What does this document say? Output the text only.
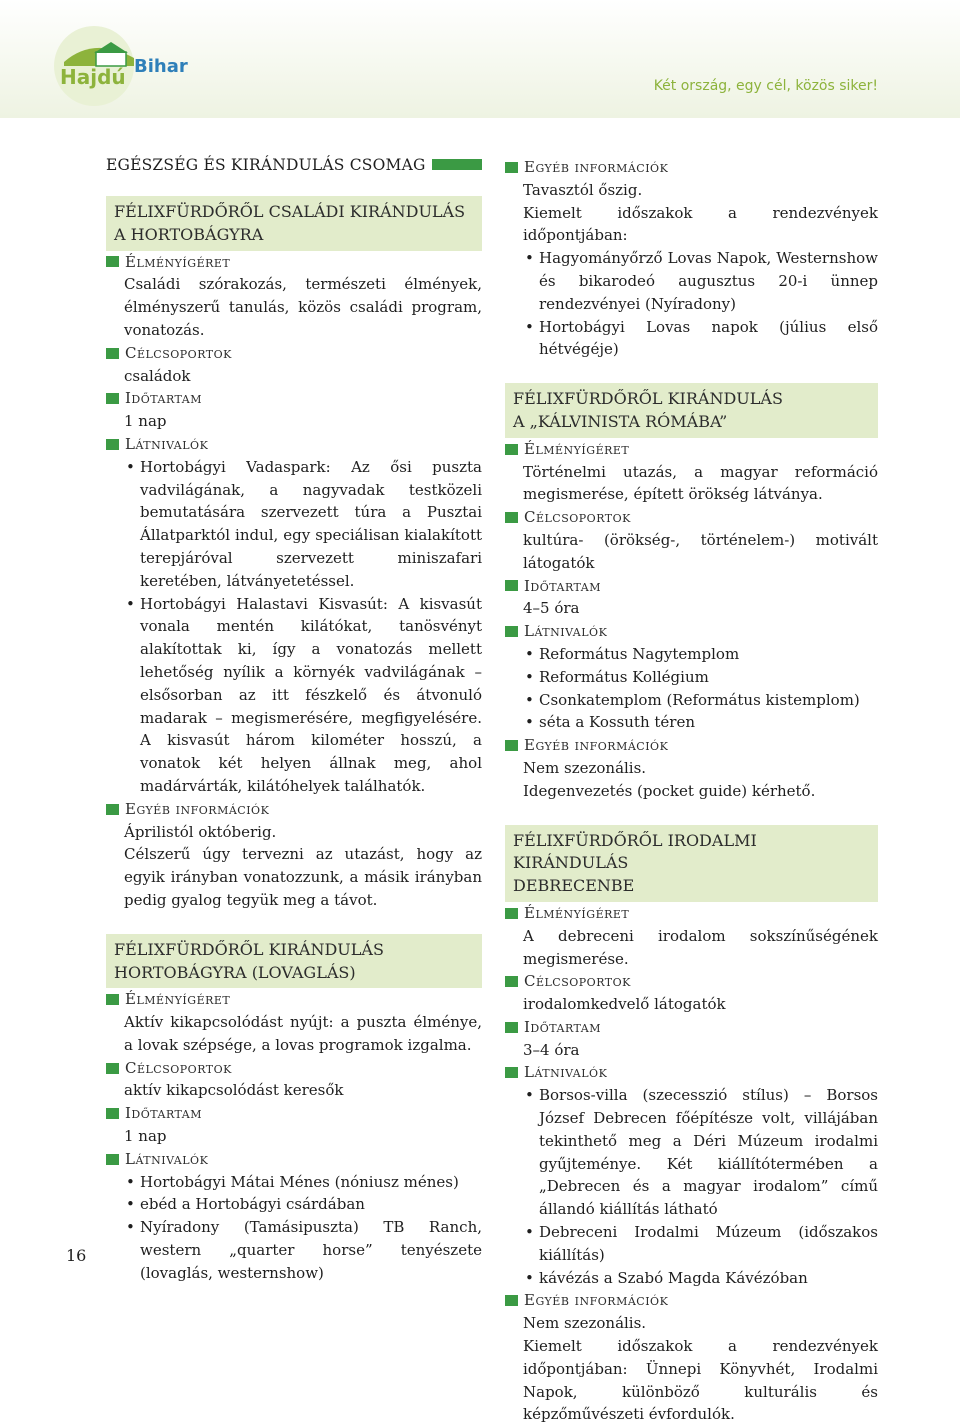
Hajdú Bihar
Két ország, egy cél, közös siker!
EGÉSZSÉG ÉS KIRÁNDULÁS CSOMAG
FÉLIXFÜRDŐRŐL CSALÁDI KIRÁNDULÁS
A HORTOBÁGYRA
Élményígéret
Családi szórakozás, természeti élmények, élményszerű tanulás, közös családi program, vonatozás.
Célcsoportok
családok
Időtartam
1 nap
Látnivalók
• Hortobágyi Vadaspark: Az ősi puszta vadvilágának, a nagyvadak testközeli bemutatására szervezett túra a Pusztai Állatparktól indul, egy speciálisan kialakított terepjáróval szervezett miniszafari keretében, látványetetéssel.
• Hortobágyi Halastavi Kisvasút: A kisvasút vonala mentén kilátókat, tanösvényt alakítottak ki, így a vonatozás mellett lehetőség nyílik a környék vadvilágának – elsősorban az itt fészkelő és átvonuló madarak – megismerésére, megfigyelésére. A kisvasút három kilométer hosszú, a vonatok két helyen állnak meg, ahol madárvárták, kilátóhelyek találhatók.
Egyéb információk
Áprilistól októberig.
Célszerű úgy tervezni az utazást, hogy az egyik irányban vonatozzunk, a másik irányban pedig gyalog tegyük meg a távot.
FÉLIXFÜRDŐRŐL KIRÁNDULÁS
HORTOBÁGYRA (LOVAGLÁS)
Élményígéret
Aktív kikapcsolódást nyújt: a puszta élménye, a lovak szépsége, a lovas programok izgalma.
Célcsoportok
aktív kikapcsolódást keresők
Időtartam
1 nap
Látnivalók
• Hortobágyi Mátai Ménes (nóniusz ménes)
• ebéd a Hortobágyi csárdában
• Nyíradony (Tamásipuszta) TB Ranch, western „quarter horse” tenyészete (lovaglás, westernshow)
Egyéb információk
Tavasztól őszig.
Kiemelt időszakok a rendezvények időpontjában:
• Hagyományőrző Lovas Napok, Westernshow és bikarodeó augusztus 20-i ünnep rendezvényei (Nyíradony)
• Hortobágyi Lovas napok (július első hétvégéje)
FÉLIXFÜRDŐRŐL KIRÁNDULÁS
A „KÁLVINISTA RÓMÁBA”
Élményígéret
Történelmi utazás, a magyar reformáció megismerése, épített örökség látványa.
Célcsoportok
kultúra- (örökség-, történelem-) motivált látogatók
Időtartam
4–5 óra
Látnivalók
• Református Nagytemplom
• Református Kollégium
• Csonkatemplom (Református kistemplom)
• séta a Kossuth téren
Egyéb információk
Nem szezonális.
Idegenvezetés (pocket guide) kérhető.
FÉLIXFÜRDŐRŐL IRODALMI KIRÁNDULÁS
DEBRECENBE
Élményígéret
A debreceni irodalom sokszínűségének megismerése.
Célcsoportok
irodalomkedvelő látogatók
Időtartam
3–4 óra
Látnivalók
• Borsos-villa (szecesszió stílus) – Borsos József Debrecen főépítésze volt, villájában tekinthető meg a Déri Múzeum irodalmi gyűjteménye. Két kiállítótermében a „Debrecen és a magyar irodalom” című állandó kiállítás látható
• Debreceni Irodalmi Múzeum (időszakos kiállítás)
• kávézás a Szabó Magda Kávézóban
Egyéb információk
Nem szezonális.
Kiemelt időszakok a rendezvények időpontjában: Ünnepi Könyvhét, Irodalmi Napok, különböző kulturális és képzőművészeti évfordulók.
16
